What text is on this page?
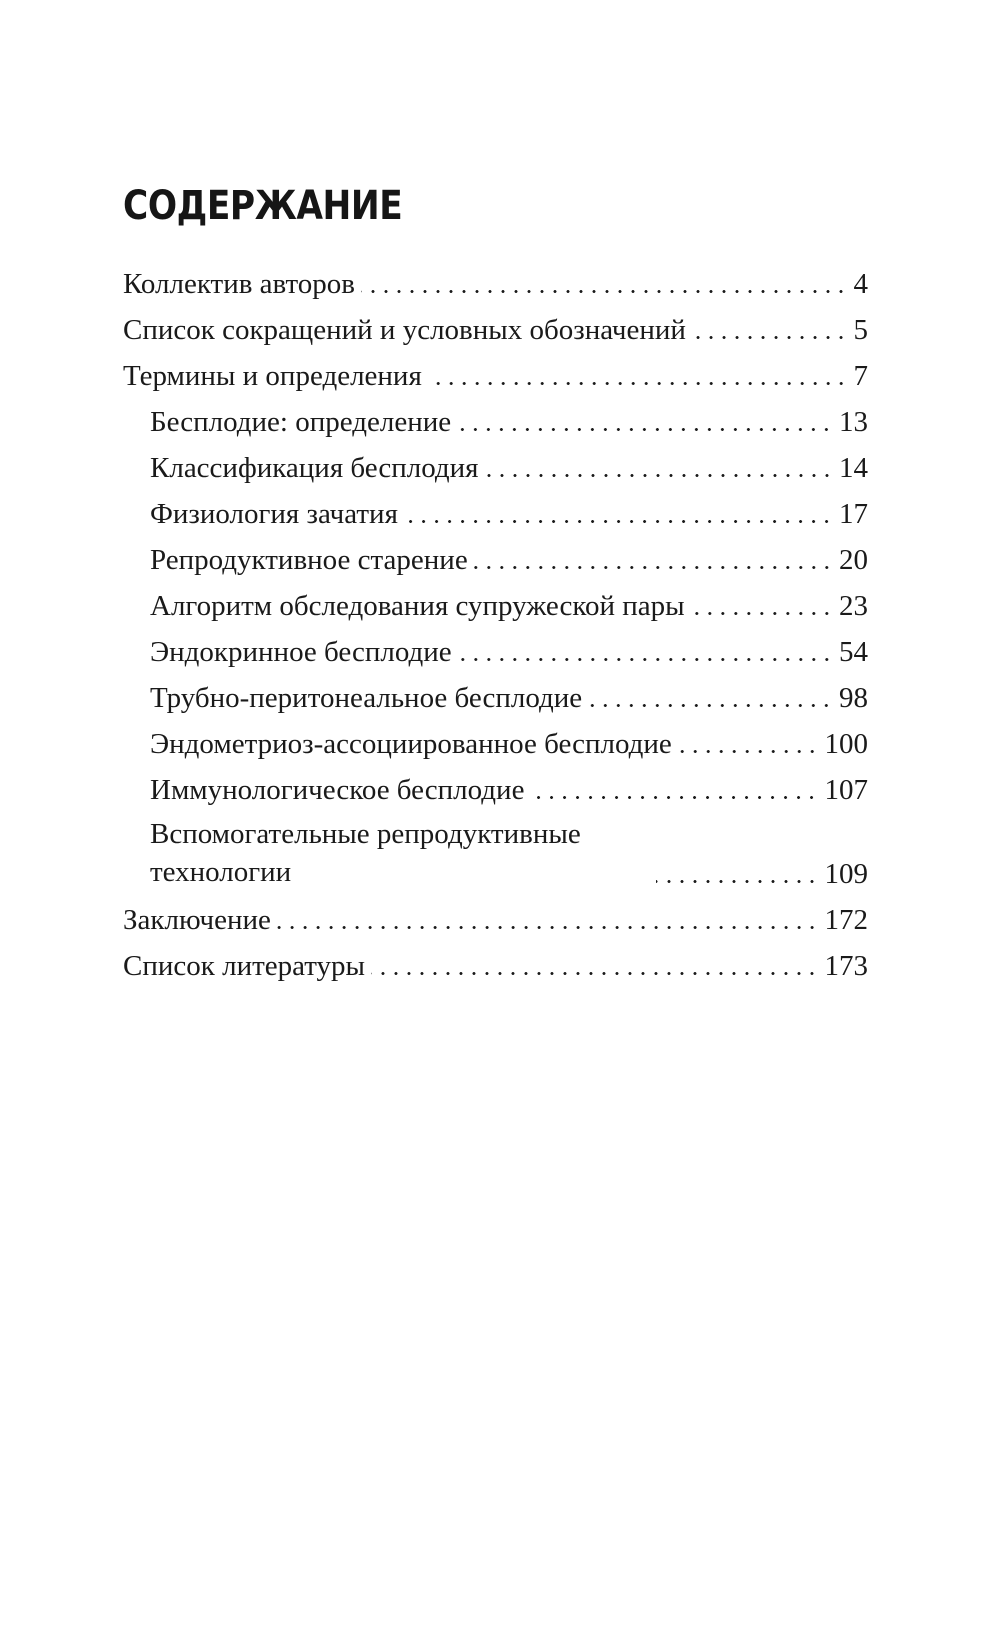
СОДЕРЖАНИЕ
Коллектив авторов	4
Список сокращений и условных обозначений	5
Термины и определения	7
Бесплодие: определение	13
Классификация бесплодия	14
Физиология зачатия	17
Репродуктивное старение	20
Алгоритм обследования супружеской пары	23
Эндокринное бесплодие	54
Трубно-перитонеальное бесплодие	98
Эндометриоз-ассоциированное бесплодие	100
Иммунологическое бесплодие	107
Вспомогательные репродуктивные технологии	109
Заключение	172
Список литературы	173
